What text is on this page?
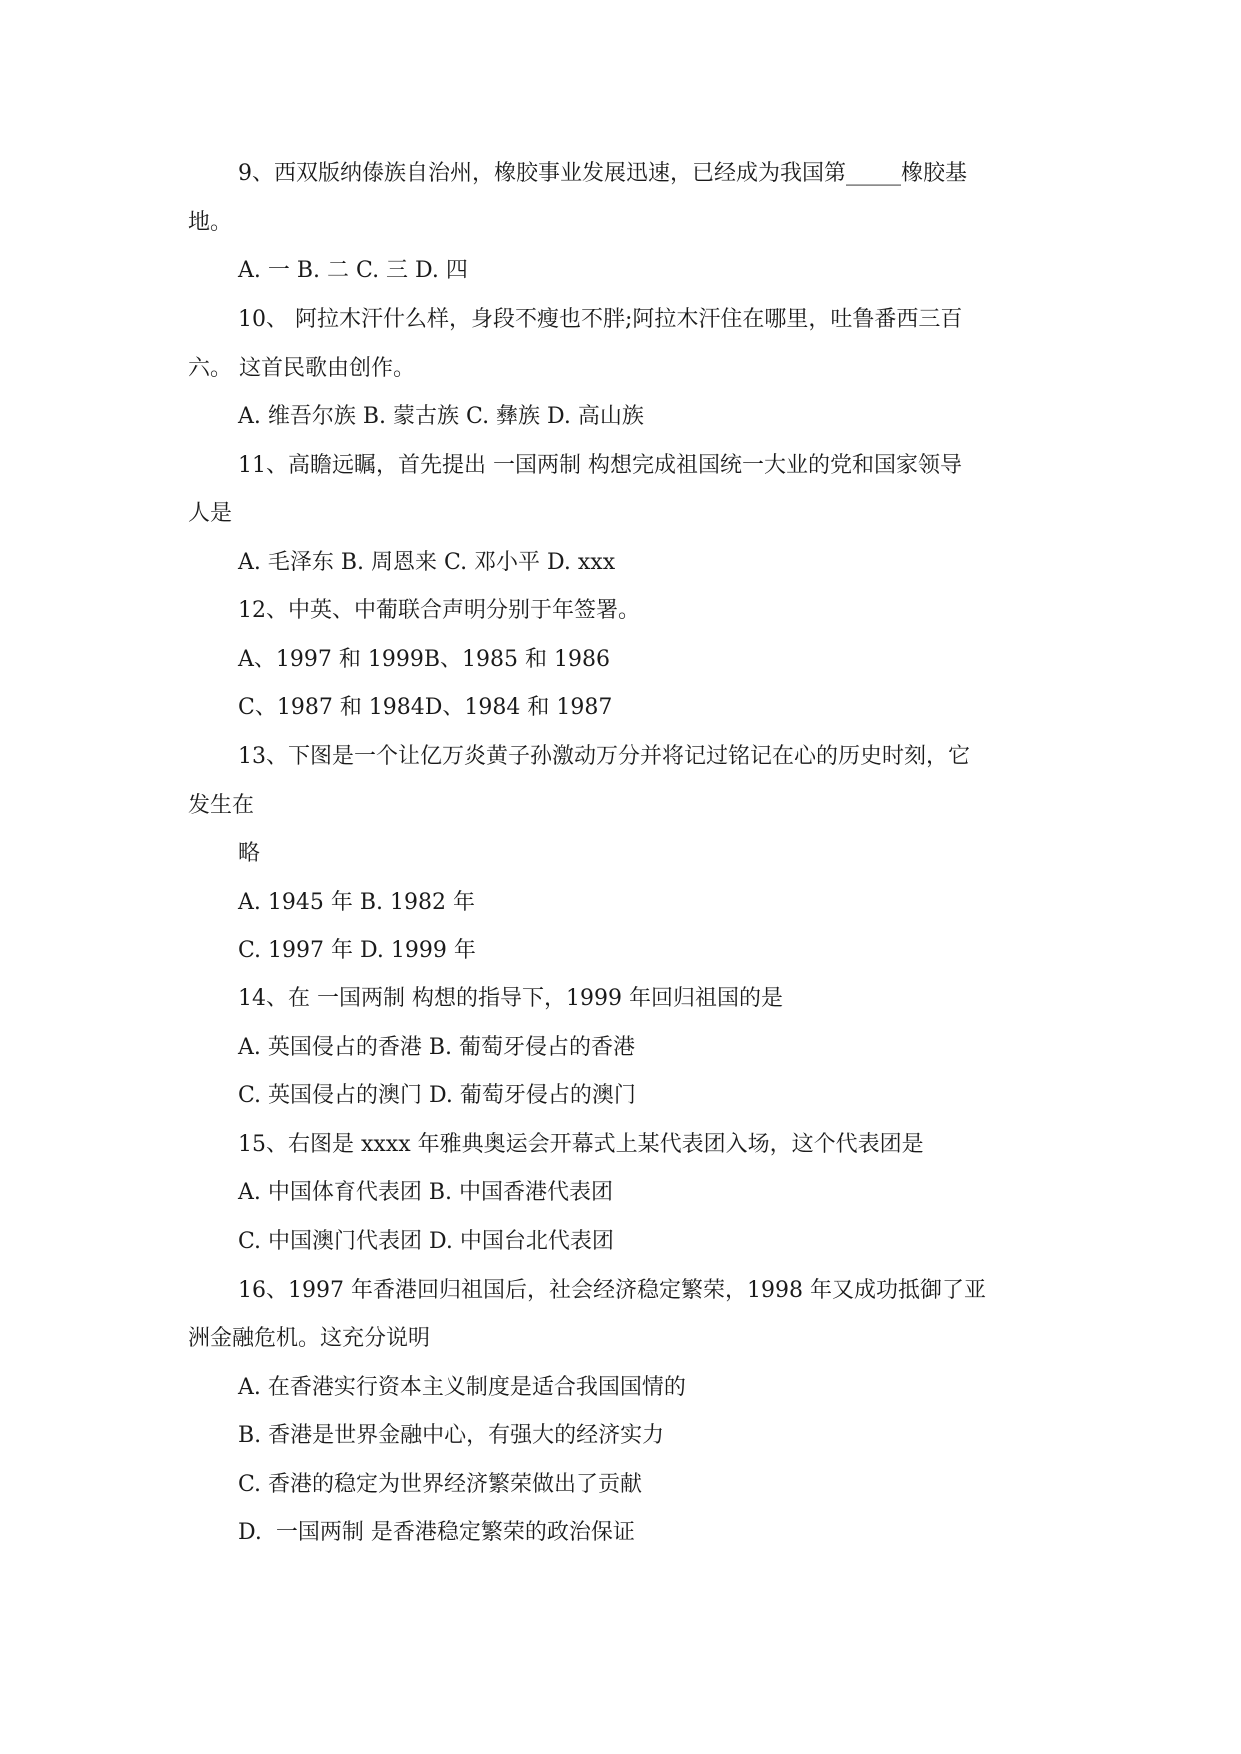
9、西双版纳傣族自治州，橡胶事业发展迅速，已经成为我国第_____橡胶基

地。

A. 一 B. 二 C. 三 D. 四

10、 阿拉木汗什么样，身段不瘦也不胖;阿拉木汗住在哪里，吐鲁番西三百

六。 这首民歌由创作。

A. 维吾尔族 B. 蒙古族 C. 彝族 D. 高山族

11、高瞻远瞩，首先提出 一国两制 构想完成祖国统一大业的党和国家领导

人是

A. 毛泽东 B. 周恩来 C. 邓小平 D. xxx

12、中英、中葡联合声明分别于年签署。

A、1997 和 1999B、1985 和 1986

C、1987 和 1984D、1984 和 1987

13、下图是一个让亿万炎黄子孙激动万分并将记过铭记在心的历史时刻，它

发生在

略

A. 1945 年 B. 1982 年

C. 1997 年 D. 1999 年

14、在 一国两制 构想的指导下，1999 年回归祖国的是

A. 英国侵占的香港 B. 葡萄牙侵占的香港

C. 英国侵占的澳门 D. 葡萄牙侵占的澳门

15、右图是 xxxx 年雅典奥运会开幕式上某代表团入场，这个代表团是

A. 中国体育代表团 B. 中国香港代表团

C. 中国澳门代表团 D. 中国台北代表团

16、1997 年香港回归祖国后，社会经济稳定繁荣，1998 年又成功抵御了亚

洲金融危机。这充分说明

A. 在香港实行资本主义制度是适合我国国情的

B. 香港是世界金融中心，有强大的经济实力

C. 香港的稳定为世界经济繁荣做出了贡献

D.  一国两制 是香港稳定繁荣的政治保证
